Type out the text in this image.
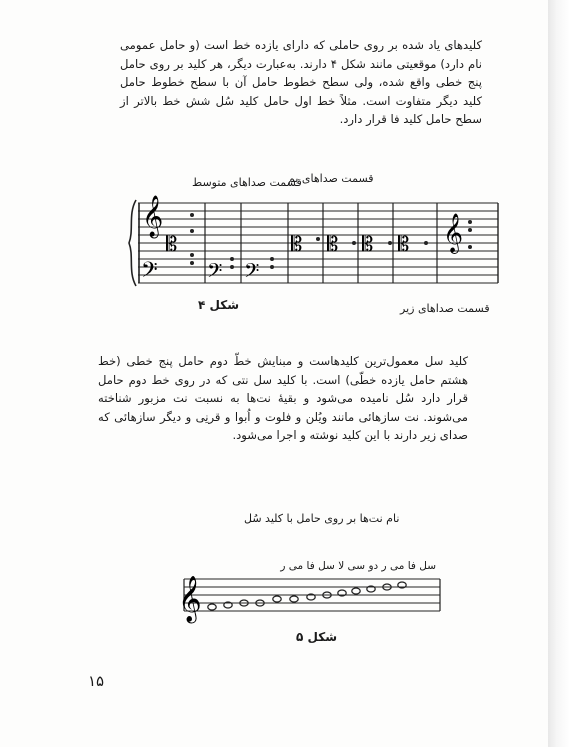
کلیدهای یاد شده بر روی حاملی که دارای یازده خط است (و حامل عمومی نام دارد) موقعیتی مانند شکل ۴ دارند. به‌عبارت دیگر، هر کلید بر روی حامل پنج خطی واقع شده، ولی سطح خطوط حامل آن با سطح خطوط حامل کلید دیگر متفاوت است. مثلاً خط اول حامل کلید سُل شش خط بالاتر از سطح حامل کلید فا قرار دارد.
قسمت صداهای بم
قسمت صداهای متوسط
𝄞
𝄢
𝄡
𝄢 𝄢
𝄡 𝄡 𝄡 𝄡 𝄞
قسمت صداهای زیر
شکل ۴
کلید سل معمول‌ترین کلیدهاست و مبنایش خطّ دوم حامل پنج خطی (خط هشتم حامل یازده خطّی) است. با کلید سل نتی که در روی خط دوم حامل قرار دارد سُل نامیده می‌شود و بقیهٔ نت‌ها به نسبت نت مزبور شناخته می‌شوند. نت سازهائی مانند ویُلن و فلوت و اُبوا و قرنِی و دیگر سازهائی که صدای زیر دارند با این کلید نوشته و اجرا می‌شود.
نام نت‌ها بر روی حامل با کلید سُل
سل فا می ر دو سی لا سل فا می ر
𝄞
شکل ۵
۱۵
